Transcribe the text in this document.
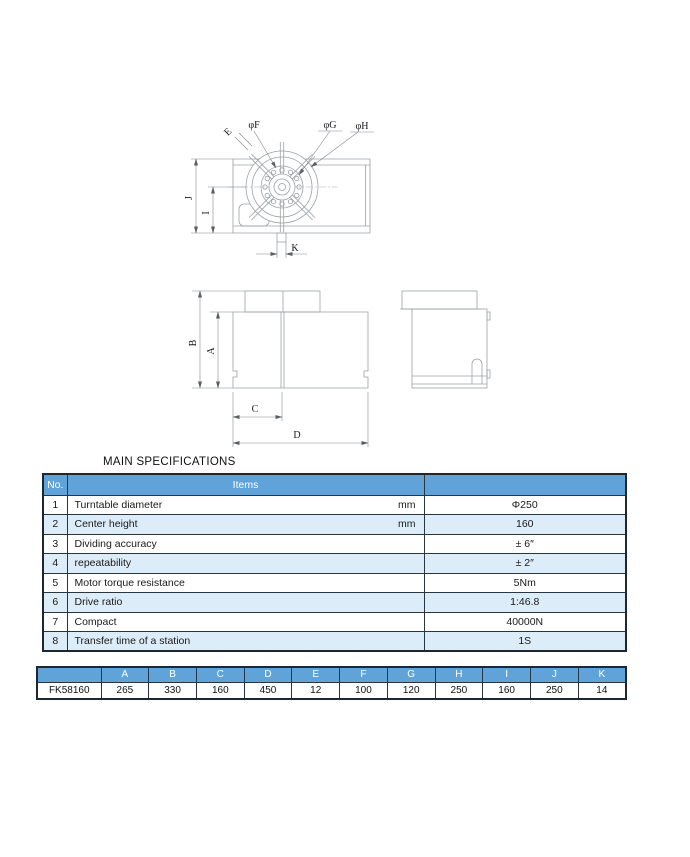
E
φF	φG φH
J
I
K
B
A
C
D
MAIN SPECIFICATIONS
No.	Items	
1	Turntable diameter mm	Φ250
2	Center height mm	160
3	Dividing accuracy	± 6″
4	repeatability	± 2″
5	Motor torque resistance	5Nm
6	Drive ratio	1:46.8
7	Compact	40000N
8	Transfer time of a station	1S
	A	B	C	D	E	F	G	H	I	J	K
FK58160	265	330	160	450	12	100	120	250	160	250	14
